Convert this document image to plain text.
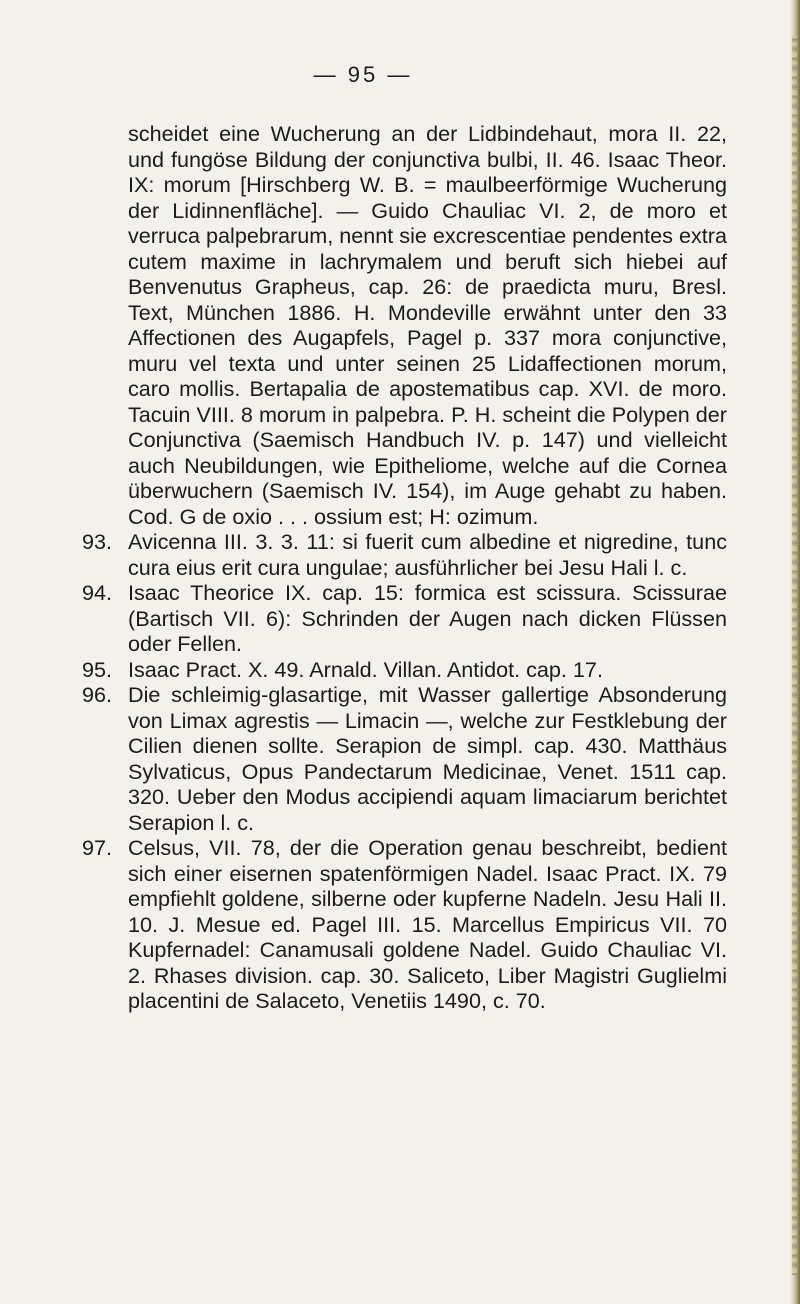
— 95 —

scheidet eine Wucherung an der Lidbindehaut, mora II. 22, und fungöse Bildung der conjunctiva bulbi, II. 46. Isaac Theor. IX: morum [Hirschberg W. B. = maulbeerförmige Wucherung der Lidinnenfläche]. — Guido Chauliac VI. 2, de moro et verruca palpebrarum, nennt sie excrescentiae pendentes extra cutem maxime in lachrymalem und beruft sich hiebei auf Benvenutus Grapheus, cap. 26: de praedicta muru, Bresl. Text, München 1886. H. Mondeville erwähnt unter den 33 Affectionen des Augapfels, Pagel p. 337 mora conjunctive, muru vel texta und unter seinen 25 Lidaffectionen morum, caro mollis. Bertapalia de apostematibus cap. XVI. de moro. Tacuin VIII. 8 morum in palpebra. P. H. scheint die Polypen der Conjunctiva (Saemisch Handbuch IV. p. 147) und vielleicht auch Neubildungen, wie Epitheliome, welche auf die Cornea überwuchern (Saemisch IV. 154), im Auge gehabt zu haben. Cod. G de oxio . . . ossium est; H: ozimum.

93. Avicenna III. 3. 3. 11: si fuerit cum albedine et nigredine, tunc cura eius erit cura ungulae; ausführlicher bei Jesu Hali l. c.
94. Isaac Theorice IX. cap. 15: formica est scissura. Scissurae (Bartisch VII. 6): Schrinden der Augen nach dicken Flüssen oder Fellen.
95. Isaac Pract. X. 49. Arnald. Villan. Antidot. cap. 17.
96. Die schleimig-glasartige, mit Wasser gallertige Absonderung von Limax agrestis — Limacin —, welche zur Festklebung der Cilien dienen sollte. Serapion de simpl. cap. 430. Matthäus Sylvaticus, Opus Pandectarum Medicinae, Venet. 1511 cap. 320. Ueber den Modus accipiendi aquam limaciarum berichtet Serapion l. c.
97. Celsus, VII. 78, der die Operation genau beschreibt, bedient sich einer eisernen spatenförmigen Nadel. Isaac Pract. IX. 79 empfiehlt goldene, silberne oder kupferne Nadeln. Jesu Hali II. 10. J. Mesue ed. Pagel III. 15. Marcellus Empiricus VII. 70 Kupfernadel: Canamusali goldene Nadel. Guido Chauliac VI. 2. Rhases division. cap. 30. Saliceto, Liber Magistri Guglielmi placentini de Salaceto, Venetiis 1490, c. 70.
